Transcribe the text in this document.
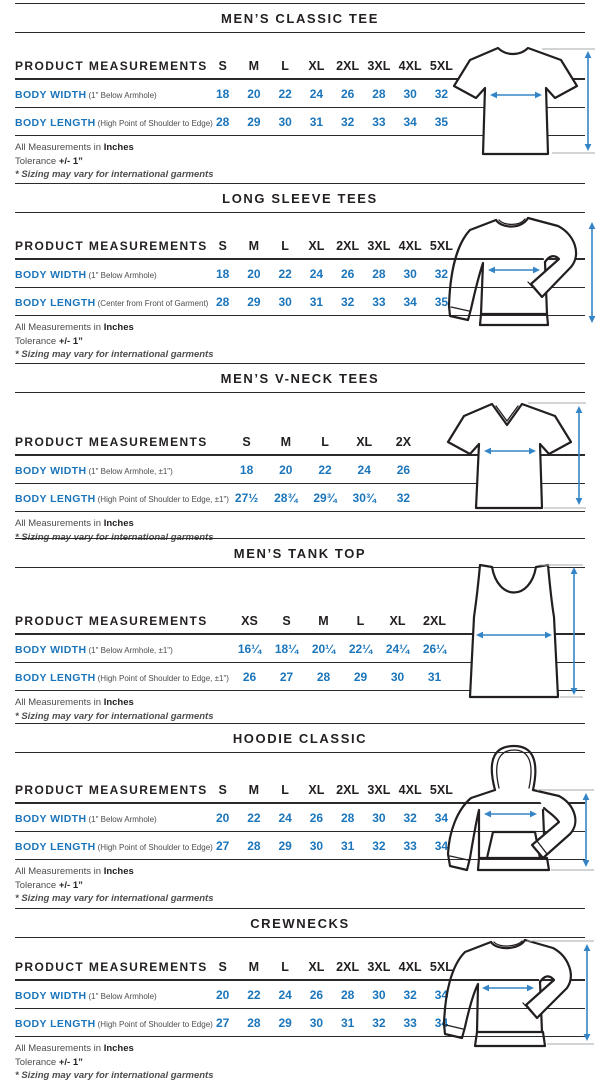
MEN’S CLASSIC TEE
PRODUCT MEASUREMENTS S	M	L	XL 2XL 3XL 4XL 5XL
BODY WIDTH (1" Below Armhole)	18	20	22	24	26	28	30	32
BODY LENGTH (High Point of Shoulder to Edge) 28	29	30	31	32	33	34	35

All Measurements in Inches

Tolerance +/- 1”

* Sizing may vary for international garments

LONG SLEEVE TEES
PRODUCT MEASUREMENTS S	M	L	XL 2XL 3XL 4XL 5XL
BODY WIDTH (1" Below Armhole)	18	20	22	24	26	28	30	32
BODY LENGTH (Center from Front of Garment) 28	29	30	31	32	33	34	35

All Measurements in Inches

Tolerance +/- 1”

* Sizing may vary for international garments

MEN’S V-NECK TEES
PRODUCT MEASUREMENTS	S	M	L	XL	2X
BODY WIDTH (1" Below Armhole, ±1")	18	20	22	24	26
BODY LENGTH (High Point of Shoulder to Edge, ±1") 27½	28¾	29¾	30¾	32

All Measurements in Inches

* Sizing may vary for international garments

MEN’S TANK TOP
PRODUCT MEASUREMENTS	XS	S	M	L	XL	2XL
BODY WIDTH (1" Below Armhole, ±1")	16¼	18¼	20¼	22¼	24¼	26¼
BODY LENGTH (High Point of Shoulder to Edge, ±1")	26	27	28	29	30	31

All Measurements in Inches

* Sizing may vary for international garments

HOODIE CLASSIC
PRODUCT MEASUREMENTS S	M	L	XL 2XL 3XL 4XL 5XL
BODY WIDTH (1" Below Armhole)	20	22	24	26	28	30	32	34
BODY LENGTH (High Point of Shoulder to Edge) 27	28	29	30	31	32	33	34

All Measurements in Inches

Tolerance +/- 1”

* Sizing may vary for international garments

CREWNECKS
PRODUCT MEASUREMENTS S	M	L	XL 2XL 3XL 4XL 5XL
BODY WIDTH (1" Below Armhole)	20	22	24	26	28	30	32	34
BODY LENGTH (High Point of Shoulder to Edge) 27	28	29	30	31	32	33	34

All Measurements in Inches

Tolerance +/- 1”

* Sizing may vary for international garments
